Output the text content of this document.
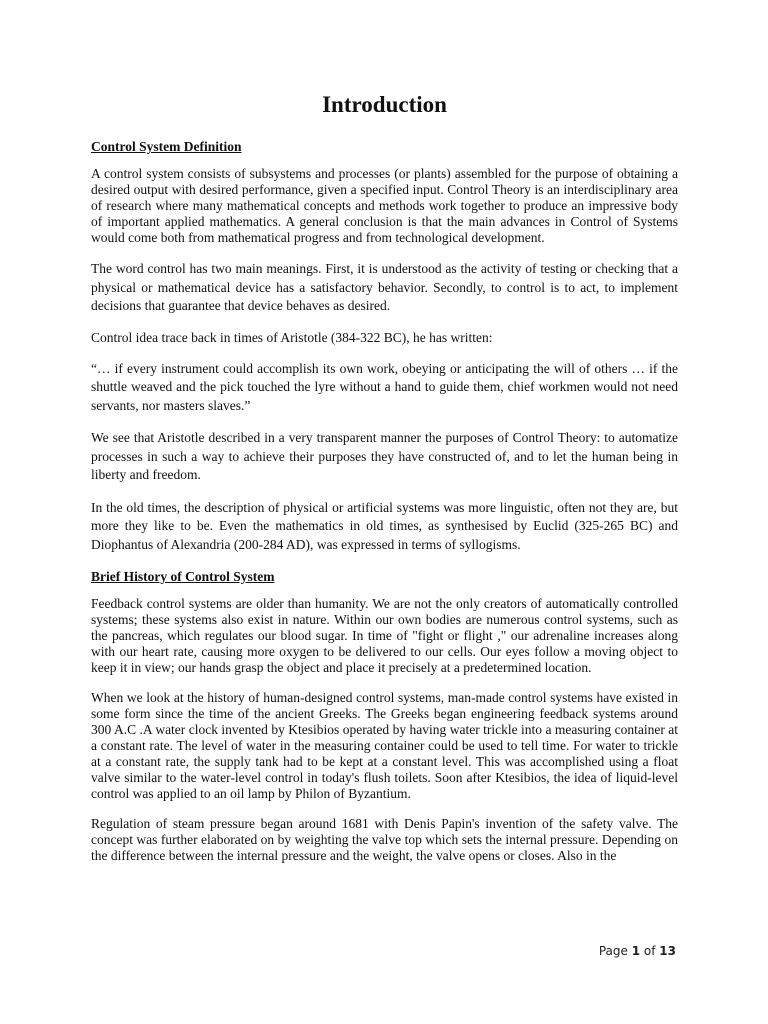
Introduction

Control System Definition

A control system consists of subsystems and processes (or plants) assembled for the purpose of obtaining a desired output with desired performance, given a specified input. Control Theory is an interdisciplinary area of research where many mathematical concepts and methods work together to produce an impressive body of important applied mathematics. A general conclusion is that the main advances in Control of Systems would come both from mathematical progress and from technological development.

The word control has two main meanings. First, it is understood as the activity of testing or checking that a physical or mathematical device has a satisfactory behavior. Secondly, to control is to act, to implement decisions that guarantee that device behaves as desired.

Control idea trace back in times of Aristotle (384-322 BC), he has written:

“… if every instrument could accomplish its own work, obeying or anticipating the will of others … if the shuttle weaved and the pick touched the lyre without a hand to guide them, chief workmen would not need servants, nor masters slaves.”

We see that Aristotle described in a very transparent manner the purposes of Control Theory: to automatize processes in such a way to achieve their purposes they have constructed of, and to let the human being in liberty and freedom.

In the old times, the description of physical or artificial systems was more linguistic, often not they are, but more they like to be. Even the mathematics in old times, as synthesised by Euclid (325-265 BC) and Diophantus of Alexandria (200-284 AD), was expressed in terms of syllogisms.

Brief History of Control System

Feedback control systems are older than humanity. We are not the only creators of automatically controlled systems; these systems also exist in nature. Within our own bodies are numerous control systems, such as the pancreas, which regulates our blood sugar. In time of "fight or flight ," our adrenaline increases along with our heart rate, causing more oxygen to be delivered to our cells. Our eyes follow a moving object to keep it in view; our hands grasp the object and place it precisely at a predetermined location.

When we look at the history of human-designed control systems, man-made control systems have existed in some form since the time of the ancient Greeks. The Greeks began engineering feedback systems around 300 A.C .A water clock invented by Ktesibios operated by having water trickle into a measuring container at a constant rate. The level of water in the measuring container could be used to tell time. For water to trickle at a constant rate, the supply tank had to be kept at a constant level. This was accomplished using a float valve similar to the water-level control in today's flush toilets. Soon after Ktesibios, the idea of liquid-level control was applied to an oil lamp by Philon of Byzantium.

Regulation of steam pressure began around 1681 with Denis Papin's invention of the safety valve. The concept was further elaborated on by weighting the valve top which sets the internal pressure. Depending on the difference between the internal pressure and the weight, the valve opens or closes. Also in the

Page 1 of 13
